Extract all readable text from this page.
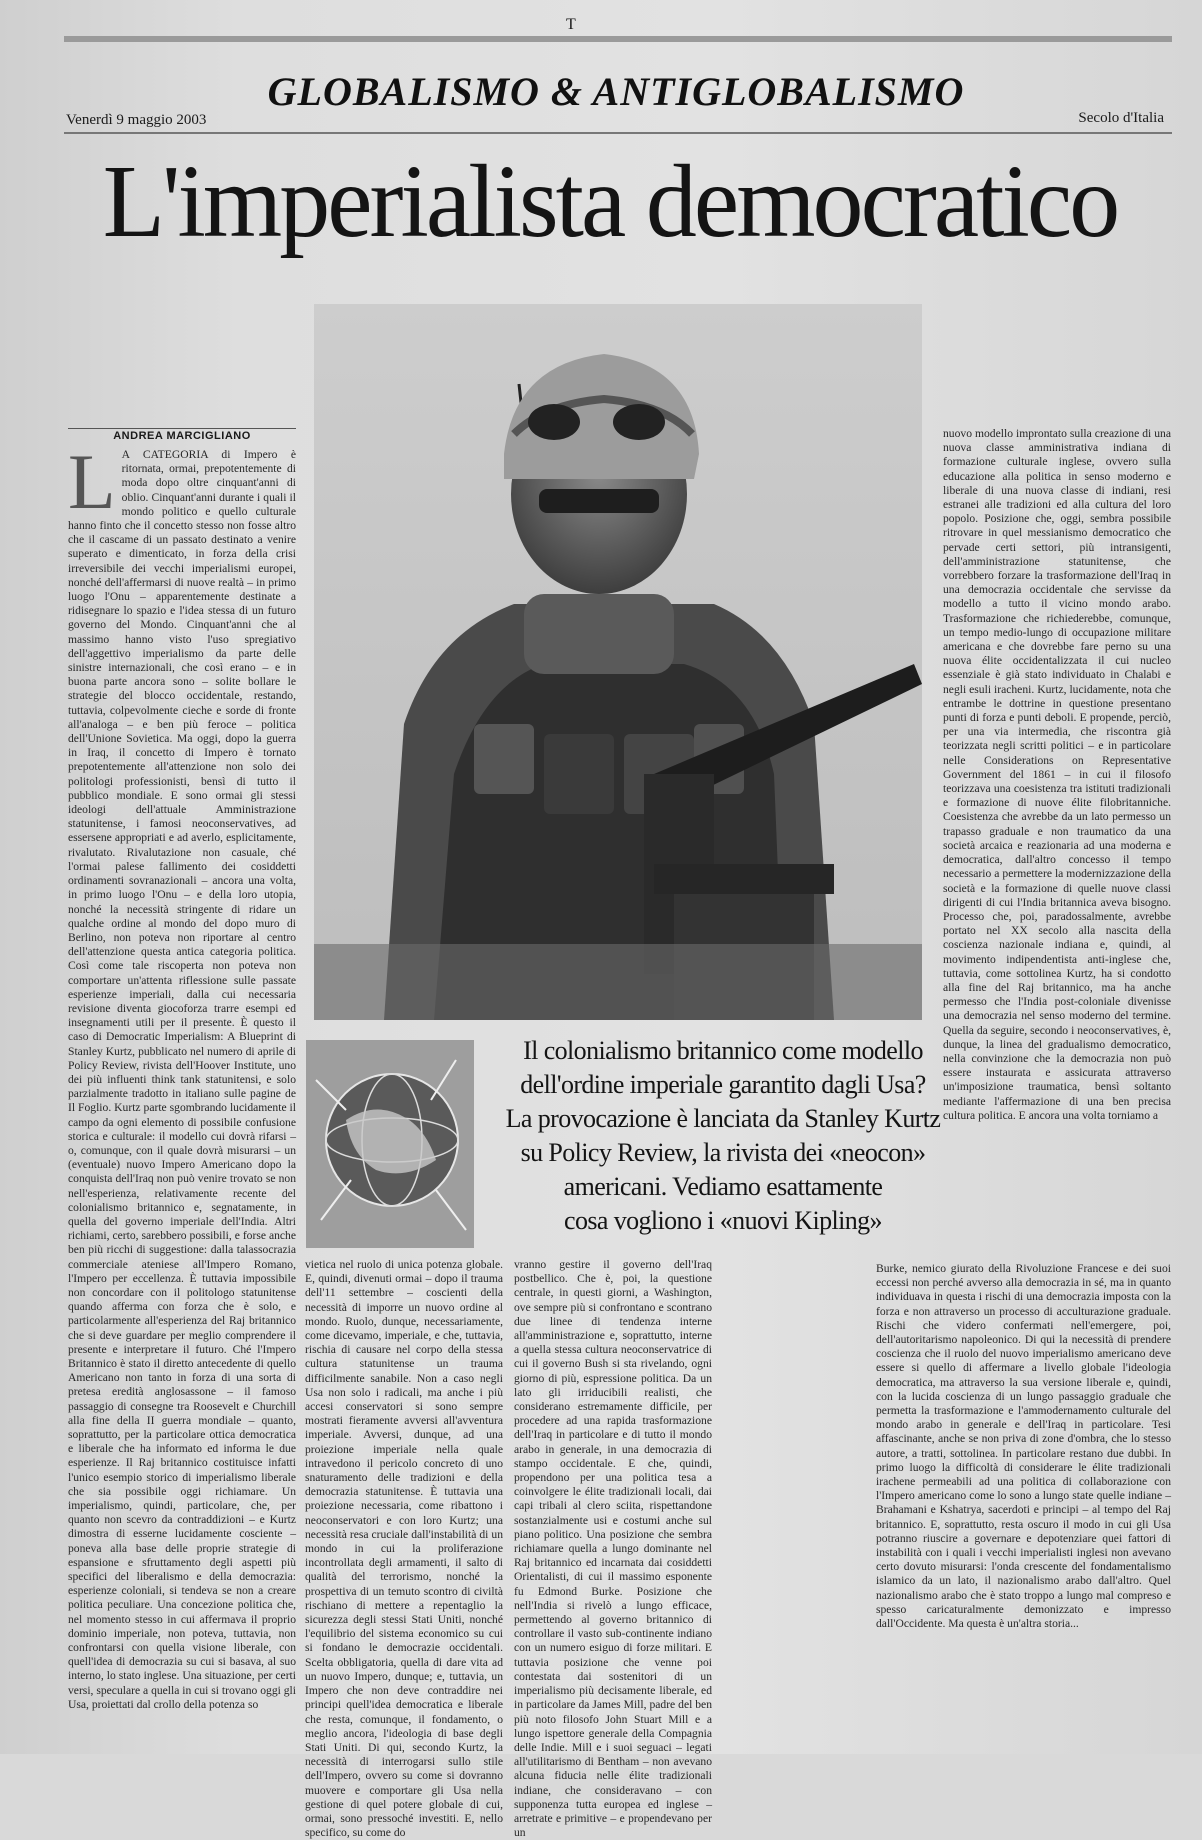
T
GLOBALISMO & ANTIGLOBALISMO
Venerdì 9 maggio 2003	Secolo d'Italia
L'imperialista democratico
ANDREA MARCIGLIANO
L A CATEGORIA di Impero è ritornata, ormai, prepotentemente di moda dopo oltre cinquant'anni di oblio. Cinquant'anni durante i quali il mondo politico e quello culturale hanno finto che il concetto stesso non fosse altro che il cascame di un passato destinato a venire superato e dimenticato, in forza della crisi irreversibile dei vecchi imperialismi europei, nonché dell'affermarsi di nuove realtà – in primo luogo l'Onu – apparentemente destinate a ridisegnare lo spazio e l'idea stessa di un futuro governo del Mondo. Cinquant'anni che al massimo hanno visto l'uso spregiativo dell'aggettivo imperialismo da parte delle sinistre internazionali, che così erano – e in buona parte ancora sono – solite bollare le strategie del blocco occidentale, restando, tuttavia, colpevolmente cieche e sorde di fronte all'analoga – e ben più feroce – politica dell'Unione Sovietica. Ma oggi, dopo la guerra in Iraq, il concetto di Impero è tornato prepotentemente all'attenzione non solo dei politologi professionisti, bensì di tutto il pubblico mondiale. E sono ormai gli stessi ideologi dell'attuale Amministrazione statunitense, i famosi neoconservatives, ad essersene appropriati e ad averlo, esplicitamente, rivalutato. Rivalutazione non casuale, ché l'ormai palese fallimento dei cosiddetti ordinamenti sovranazionali – ancora una volta, in primo luogo l'Onu – e della loro utopia, nonché la necessità stringente di ridare un qualche ordine al mondo del dopo muro di Berlino, non poteva non riportare al centro dell'attenzione questa antica categoria politica. Così come tale riscoperta non poteva non comportare un'attenta riflessione sulle passate esperienze imperiali, dalla cui necessaria revisione diventa giocoforza trarre esempi ed insegnamenti utili per il presente. È questo il caso di Democratic Imperialism: A Blueprint di Stanley Kurtz, pubblicato nel numero di aprile di Policy Review, rivista dell'Hoover Institute, uno dei più influenti think tank statunitensi, e solo parzialmente tradotto in italiano sulle pagine de Il Foglio. Kurtz parte sgombrando lucidamente il campo da ogni elemento di possibile confusione storica e culturale: il modello cui dovrà rifarsi – o, comunque, con il quale dovrà misurarsi – un (eventuale) nuovo Impero Americano dopo la conquista dell'Iraq non può venire trovato se non nell'esperienza, relativamente recente del colonialismo britannico e, segnatamente, in quella del governo imperiale dell'India. Altri richiami, certo, sarebbero possibili, e forse anche ben più ricchi di suggestione: dalla talassocrazia commerciale ateniese all'Impero Romano, l'Impero per eccellenza. È tuttavia impossibile non concordare con il politologo statunitense quando afferma con forza che è solo, e particolarmente all'esperienza del Raj britannico che si deve guardare per meglio comprendere il presente e interpretare il futuro. Ché l'Impero Britannico è stato il diretto antecedente di quello Americano non tanto in forza di una sorta di pretesa eredità anglosassone – il famoso passaggio di consegne tra Roosevelt e Churchill alla fine della II guerra mondiale – quanto, soprattutto, per la particolare ottica democratica e liberale che ha informato ed informa le due esperienze. Il Raj britannico costituisce infatti l'unico esempio storico di imperialismo liberale che sia possibile oggi richiamare. Un imperialismo, quindi, particolare, che, per quanto non scevro da contraddizioni – e Kurtz dimostra di esserne lucidamente cosciente – poneva alla base delle proprie strategie di espansione e sfruttamento degli aspetti più specifici del liberalismo e della democrazia: esperienze coloniali, si tendeva se non a creare politica peculiare. Una concezione politica che, nel momento stesso in cui affermava il proprio dominio imperiale, non poteva, tuttavia, non confrontarsi con quella visione liberale, con quell'idea di democrazia su cui si basava, al suo interno, lo stato inglese. Una situazione, per certi versi, speculare a quella in cui si trovano oggi gli Usa, proiettati dal crollo della potenza so
nuovo modello improntato sulla creazione di una nuova classe amministrativa indiana di formazione culturale inglese, ovvero sulla educazione alla politica in senso moderno e liberale di una nuova classe di indiani, resi estranei alle tradizioni ed alla cultura del loro popolo. Posizione che, oggi, sembra possibile ritrovare in quel messianismo democratico che pervade certi settori, più intransigenti, dell'amministrazione statunitense, che vorrebbero forzare la trasformazione dell'Iraq in una democrazia occidentale che servisse da modello a tutto il vicino mondo arabo. Trasformazione che richiederebbe, comunque, un tempo medio-lungo di occupazione militare americana e che dovrebbe fare perno su una nuova élite occidentalizzata il cui nucleo essenziale è già stato individuato in Chalabi e negli esuli iracheni. Kurtz, lucidamente, nota che entrambe le dottrine in questione presentano punti di forza e punti deboli. E propende, perciò, per una via intermedia, che riscontra già teorizzata negli scritti politici – e in particolare nelle Considerations on Representative Government del 1861 – in cui il filosofo teorizzava una coesistenza tra istituti tradizionali e formazione di nuove élite filobritanniche. Coesistenza che avrebbe da un lato permesso un trapasso graduale e non traumatico da una società arcaica e reazionaria ad una moderna e democratica, dall'altro concesso il tempo necessario a permettere la modernizzazione della società e la formazione di quelle nuove classi dirigenti di cui l'India britannica aveva bisogno. Processo che, poi, paradossalmente, avrebbe portato nel XX secolo alla nascita della coscienza nazionale indiana e, quindi, al movimento indipendentista anti-inglese che, tuttavia, come sottolinea Kurtz, ha si condotto alla fine del Raj britannico, ma ha anche permesso che l'India post-coloniale divenisse una democrazia nel senso moderno del termine. Quella da seguire, secondo i neoconservatives, è, dunque, la linea del gradualismo democratico, nella convinzione che la democrazia non può essere instaurata e assicurata attraverso un'imposizione traumatica, bensì soltanto mediante l'affermazione di una ben precisa cultura politica. E ancora una volta torniamo a
Il colonialismo britannico come modello
dell'ordine imperiale garantito dagli Usa?
La provocazione è lanciata da Stanley Kurtz
su Policy Review, la rivista dei «neocon»
americani. Vediamo esattamente
cosa vogliono i «nuovi Kipling»
vietica nel ruolo di unica potenza globale. E, quindi, divenuti ormai – dopo il trauma dell'11 settembre – coscienti della necessità di imporre un nuovo ordine al mondo. Ruolo, dunque, necessariamente, come dicevamo, imperiale, e che, tuttavia, rischia di causare nel corpo della stessa cultura statunitense un trauma difficilmente sanabile. Non a caso negli Usa non solo i radicali, ma anche i più accesi conservatori si sono sempre mostrati fieramente avversi all'avventura imperiale. Avversi, dunque, ad una proiezione imperiale nella quale intravedono il pericolo concreto di uno snaturamento delle tradizioni e della democrazia statunitense. È tuttavia una proiezione necessaria, come ribattono i neoconservatori e con loro Kurtz; una necessità resa cruciale dall'instabilità di un mondo in cui la proliferazione incontrollata degli armamenti, il salto di qualità del terrorismo, nonché la prospettiva di un temuto scontro di civiltà rischiano di mettere a repentaglio la sicurezza degli stessi Stati Uniti, nonché l'equilibrio del sistema economico su cui si fondano le democrazie occidentali. Scelta obbligatoria, quella di dare vita ad un nuovo Impero, dunque; e, tuttavia, un Impero che non deve contraddire nei principi quell'idea democratica e liberale che resta, comunque, il fondamento, o meglio ancora, l'ideologia di base degli Stati Uniti. Di qui, secondo Kurtz, la necessità di interrogarsi sullo stile dell'Impero, ovvero su come si dovranno muovere e comportare gli Usa nella gestione di quel potere globale di cui, ormai, sono pressoché investiti. E, nello specifico, su come do
vranno gestire il governo dell'Iraq postbellico. Che è, poi, la questione centrale, in questi giorni, a Washington, ove sempre più si confrontano e scontrano due linee di tendenza interne all'amministrazione e, soprattutto, interne a quella stessa cultura neoconservatrice di cui il governo Bush si sta rivelando, ogni giorno di più, espressione politica. Da un lato gli irriducibili realisti, che considerano estremamente difficile, per procedere ad una rapida trasformazione dell'Iraq in particolare e di tutto il mondo arabo in generale, in una democrazia di stampo occidentale. E che, quindi, propendono per una politica tesa a coinvolgere le élite tradizionali locali, dai capi tribali al clero sciita, rispettandone sostanzialmente usi e costumi anche sul piano politico. Una posizione che sembra richiamare quella a lungo dominante nel Raj britannico ed incarnata dai cosiddetti Orientalisti, di cui il massimo esponente fu Edmond Burke. Posizione che nell'India si rivelò a lungo efficace, permettendo al governo britannico di controllare il vasto sub-continente indiano con un numero esiguo di forze militari. E tuttavia posizione che venne poi contestata dai sostenitori di un imperialismo più decisamente liberale, ed in particolare da James Mill, padre del ben più noto filosofo John Stuart Mill e a lungo ispettore generale della Compagnia delle Indie. Mill e i suoi seguaci – legati all'utilitarismo di Bentham – non avevano alcuna fiducia nelle élite tradizionali indiane, che consideravano – con supponenza tutta europea ed inglese – arretrate e primitive – e propendevano per un
Burke, nemico giurato della Rivoluzione Francese e dei suoi eccessi non perché avverso alla democrazia in sé, ma in quanto individuava in questa i rischi di una democrazia imposta con la forza e non attraverso un processo di acculturazione graduale. Rischi che videro confermati nell'emergere, poi, dell'autoritarismo napoleonico. Di qui la necessità di prendere coscienza che il ruolo del nuovo imperialismo americano deve essere si quello di affermare a livello globale l'ideologia democratica, ma attraverso la sua versione liberale e, quindi, con la lucida coscienza di un lungo passaggio graduale che permetta la trasformazione e l'ammodernamento culturale del mondo arabo in generale e dell'Iraq in particolare. Tesi affascinante, anche se non priva di zone d'ombra, che lo stesso autore, a tratti, sottolinea. In particolare restano due dubbi. In primo luogo la difficoltà di considerare le élite tradizionali irachene permeabili ad una politica di collaborazione con l'Impero americano come lo sono a lungo state quelle indiane – Brahamani e Kshatrya, sacerdoti e principi – al tempo del Raj britannico. E, soprattutto, resta oscuro il modo in cui gli Usa potranno riuscire a governare e depotenziare quei fattori di instabilità con i quali i vecchi imperialisti inglesi non avevano certo dovuto misurarsi: l'onda crescente del fondamentalismo islamico da un lato, il nazionalismo arabo dall'altro. Quel nazionalismo arabo che è stato troppo a lungo mal compreso e spesso caricaturalmente demonizzato e impresso dall'Occidente. Ma questa è un'altra storia...
